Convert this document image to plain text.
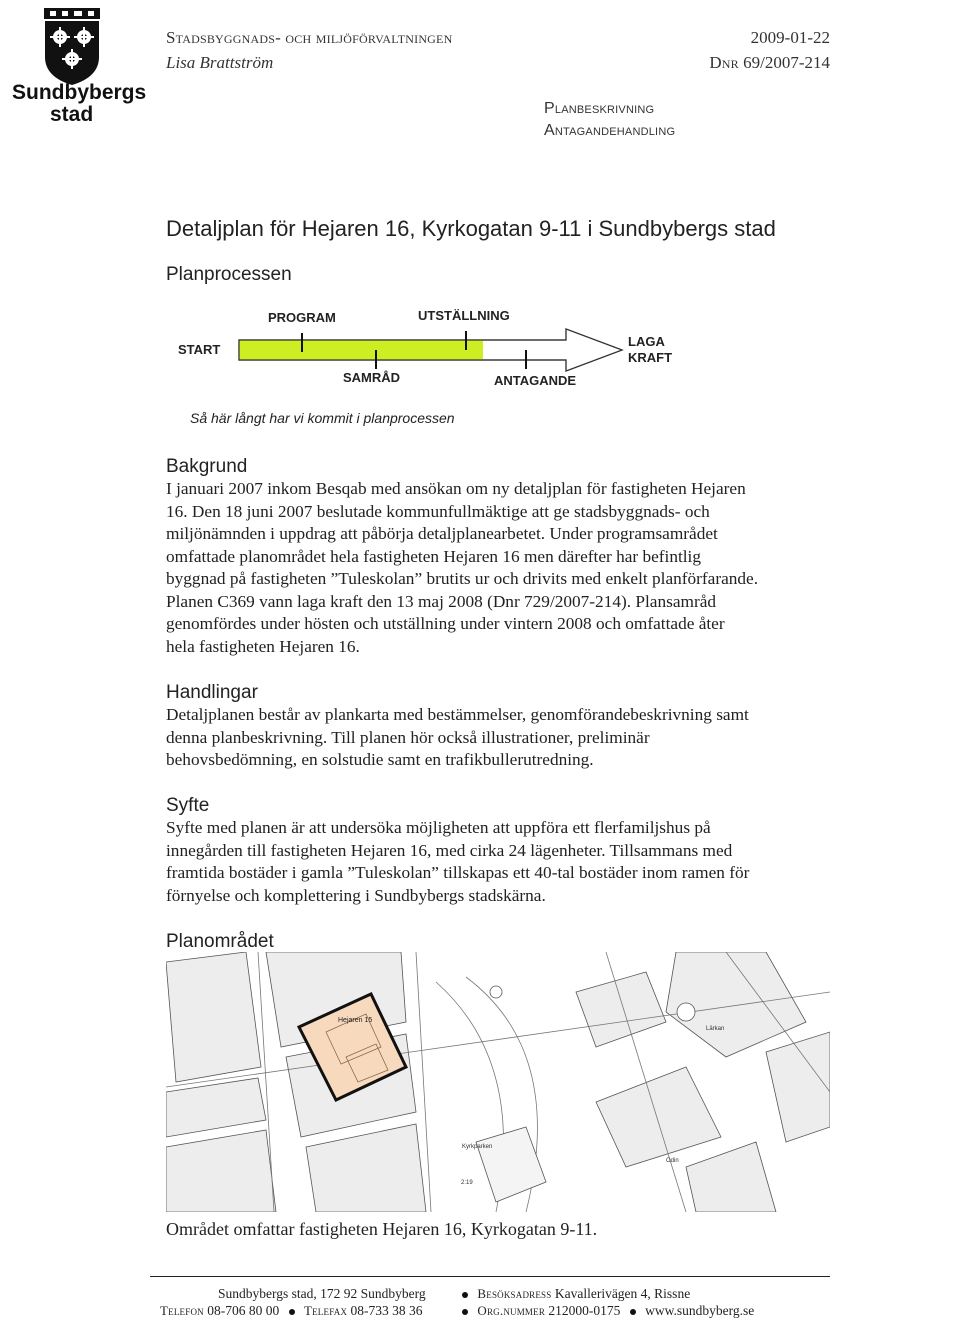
Sundbybergs
stad
Stadsbyggnads- och miljöförvaltningen
Lisa Brattström
2009-01-22
Dnr 69/2007-214
Planbeskrivning
Antagandehandling
Detaljplan för Hejaren 16, Kyrkogatan 9-11 i Sundbybergs stad
Planprocessen
START
PROGRAM	UTSTÄLLNING
SAMRÅD	ANTAGANDE
LAGA
KRAFT
Så här långt har vi kommit i planprocessen
Bakgrund
I januari 2007 inkom Besqab med ansökan om ny detaljplan för fastigheten Hejaren
16. Den 18 juni 2007 beslutade kommunfullmäktige att ge stadsbyggnads- och
miljönämnden i uppdrag att påbörja detaljplanearbetet. Under programsamrådet
omfattade planområdet hela fastigheten Hejaren 16 men därefter har befintlig
byggnad på fastigheten ”Tuleskolan” brutits ur och drivits med enkelt planförfarande.
Planen C369 vann laga kraft den 13 maj 2008 (Dnr 729/2007-214). Plansamråd
genomfördes under hösten och utställning under vintern 2008 och omfattade åter
hela fastigheten Hejaren 16.
Handlingar
Detaljplanen består av plankarta med bestämmelser, genomförandebeskrivning samt
denna planbeskrivning. Till planen hör också illustrationer, preliminär
behovsbedömning, en solstudie samt en trafikbullerutredning.
Syfte
Syfte med planen är att undersöka möjligheten att uppföra ett flerfamiljshus på
innegården till fastigheten Hejaren 16, med cirka 24 lägenheter. Tillsammans med
framtida bostäder i gamla ”Tuleskolan” tillskapas ett 40-tal bostäder inom ramen för
förnyelse och komplettering i Sundbybergs stadskärna.
Planområdet
Hejaren 15
Kyrkparken
Lärkan
Odin
2:19
Området omfattar fastigheten Hejaren 16, Kyrkogatan 9-11.
Sundbybergs stad, 172 92 Sundbyberg	Besöksadress Kavallerivägen 4, Rissne
Telefon 08-706 80 00 Telefax 08-733 38 36	Org.nummer 212000-0175 www.sundbyberg.se
